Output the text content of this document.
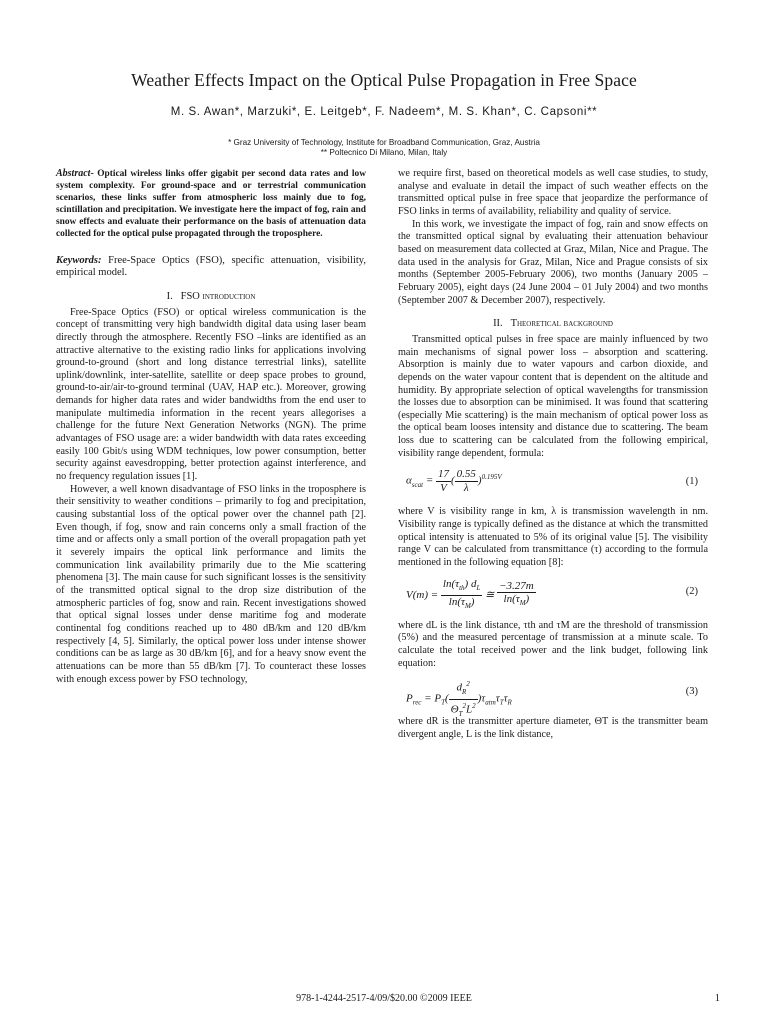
Weather Effects Impact on the Optical Pulse Propagation in Free Space
M. S. Awan*, Marzuki*, E. Leitgeb*, F. Nadeem*, M. S. Khan*, C. Capsoni**
* Graz University of Technology, Institute for Broadband Communication, Graz, Austria
** Poltecnico Di Milano, Milan, Italy

Abstract- Optical wireless links offer gigabit per second data rates and low system complexity. For ground-space and or terrestrial communication scenarios, these links suffer from atmospheric loss mainly due to fog, scintillation and precipitation. We investigate here the impact of fog, rain and snow effects and evaluate their performance on the basis of attenuation data collected for the optical pulse propagated through the troposphere.

Keywords: Free-Space Optics (FSO), specific attenuation, visibility, empirical model.

I. FSO introduction

Free-Space Optics (FSO) or optical wireless communication is the concept of transmitting very high bandwidth digital data using laser beam directly through the atmosphere. Recently FSO –links are identified as an attractive alternative to the existing radio links for applications involving ground-to-ground (short and long distance terrestrial links), satellite uplink/downlink, inter-satellite, satellite or deep space probes to ground, ground-to-air/air-to-ground terminal (UAV, HAP etc.). Moreover, growing demands for higher data rates and wider bandwidths from the end user to manipulate multimedia information in the recent years allegorises a challenge for the future Next Generation Networks (NGN). The prime advantages of FSO usage are: a wider bandwidth with data rates exceeding easily 100 Gbit/s using WDM techniques, low power consumption, better security against eavesdropping, better protection against interference, and no frequency regulation issues [1].

However, a well known disadvantage of FSO links in the troposphere is their sensitivity to weather conditions – primarily to fog and precipitation, causing substantial loss of the optical power over the channel path [2]. Even though, if fog, snow and rain concerns only a small fraction of the time and or affects only a small portion of the overall propagation path yet it severely impairs the optical link performance and limits the communication link availability primarily due to the Mie scattering phenomena [3]. The main cause for such significant losses is the sensitivity of the transmitted optical signal to the drop size distribution of the atmospheric particles of fog, snow and rain. Recent investigations showed that optical signal losses under dense maritime fog and moderate continental fog conditions reached up to 480 dB/km and 120 dB/km respectively [4, 5]. Similarly, the optical power loss under intense shower conditions can be as large as 30 dB/km [6], and for a heavy snow event the attenuations can be more than 55 dB/km [7]. To counteract these losses with enough excess power by FSO technology,

we require first, based on theoretical models as well case studies, to study, analyse and evaluate in detail the impact of such weather effects on the transmitted optical pulse in free space that jeopardize the performance of FSO links in terms of availability, reliability and quality of service.

In this work, we investigate the impact of fog, rain and snow effects on the transmitted optical signal by evaluating their attenuation behaviour based on measurement data collected at Graz, Milan, Nice and Prague. The data used in the analysis for Graz, Milan, Nice and Prague consists of six months (September 2005-February 2006), two months (January 2005 – February 2005), eight days (24 June 2004 – 01 July 2004) and two months (September 2007 & December 2007), respectively.

II. Theoretical background

Transmitted optical pulses in free space are mainly influenced by two main mechanisms of signal power loss – absorption and scattering. Absorption is mainly due to water vapours and carbon dioxide, and depends on the water vapour content that is dependent on the altitude and humidity. By appropriate selection of optical wavelengths for transmission the losses due to absorption can be minimised. It was found that scattering (especially Mie scattering) is the main mechanism of optical power loss as the optical beam looses intensity and distance due to scattering. The beam loss due to scattering can be calculated from the following empirical, visibility range dependent, formula:

$\alpha_{scat} = \frac{17}{V}$ ( $\frac{0.55}{\lambda} )^{0.195V}$	(1)

where V is visibility range in km, λ is transmission wavelength in nm. Visibility range is typically defined as the distance at which the transmitted optical intensity is attenuated to 5% of its original value [5]. The visibility range V can be calculated from transmittance (τ) according to the formula mentioned in the following equation [8]:

$V(m) = \frac{\ln(\tau_{th}) d_L}{\ln(\tau_M)}$ ≅ $\frac{-3.27m}{\ln(\tau_M)}$	(2)

where dL is the link distance, τth and τM are the threshold of transmission (5%) and the measured percentage of transmission at a minute scale. To calculate the total received power and the link budget, following link equation:

$P_{rec} = P_T( \frac{d_R^2}{\Theta_T^2L^2} )\tau_{atm}\tau_T\tau_R$
(3)

where dR is the transmitter aperture diameter, ΘT is the transmitter beam divergent angle, L is the link distance,

978-1-4244-2517-4/09/$20.00 ©2009 IEEE	1
